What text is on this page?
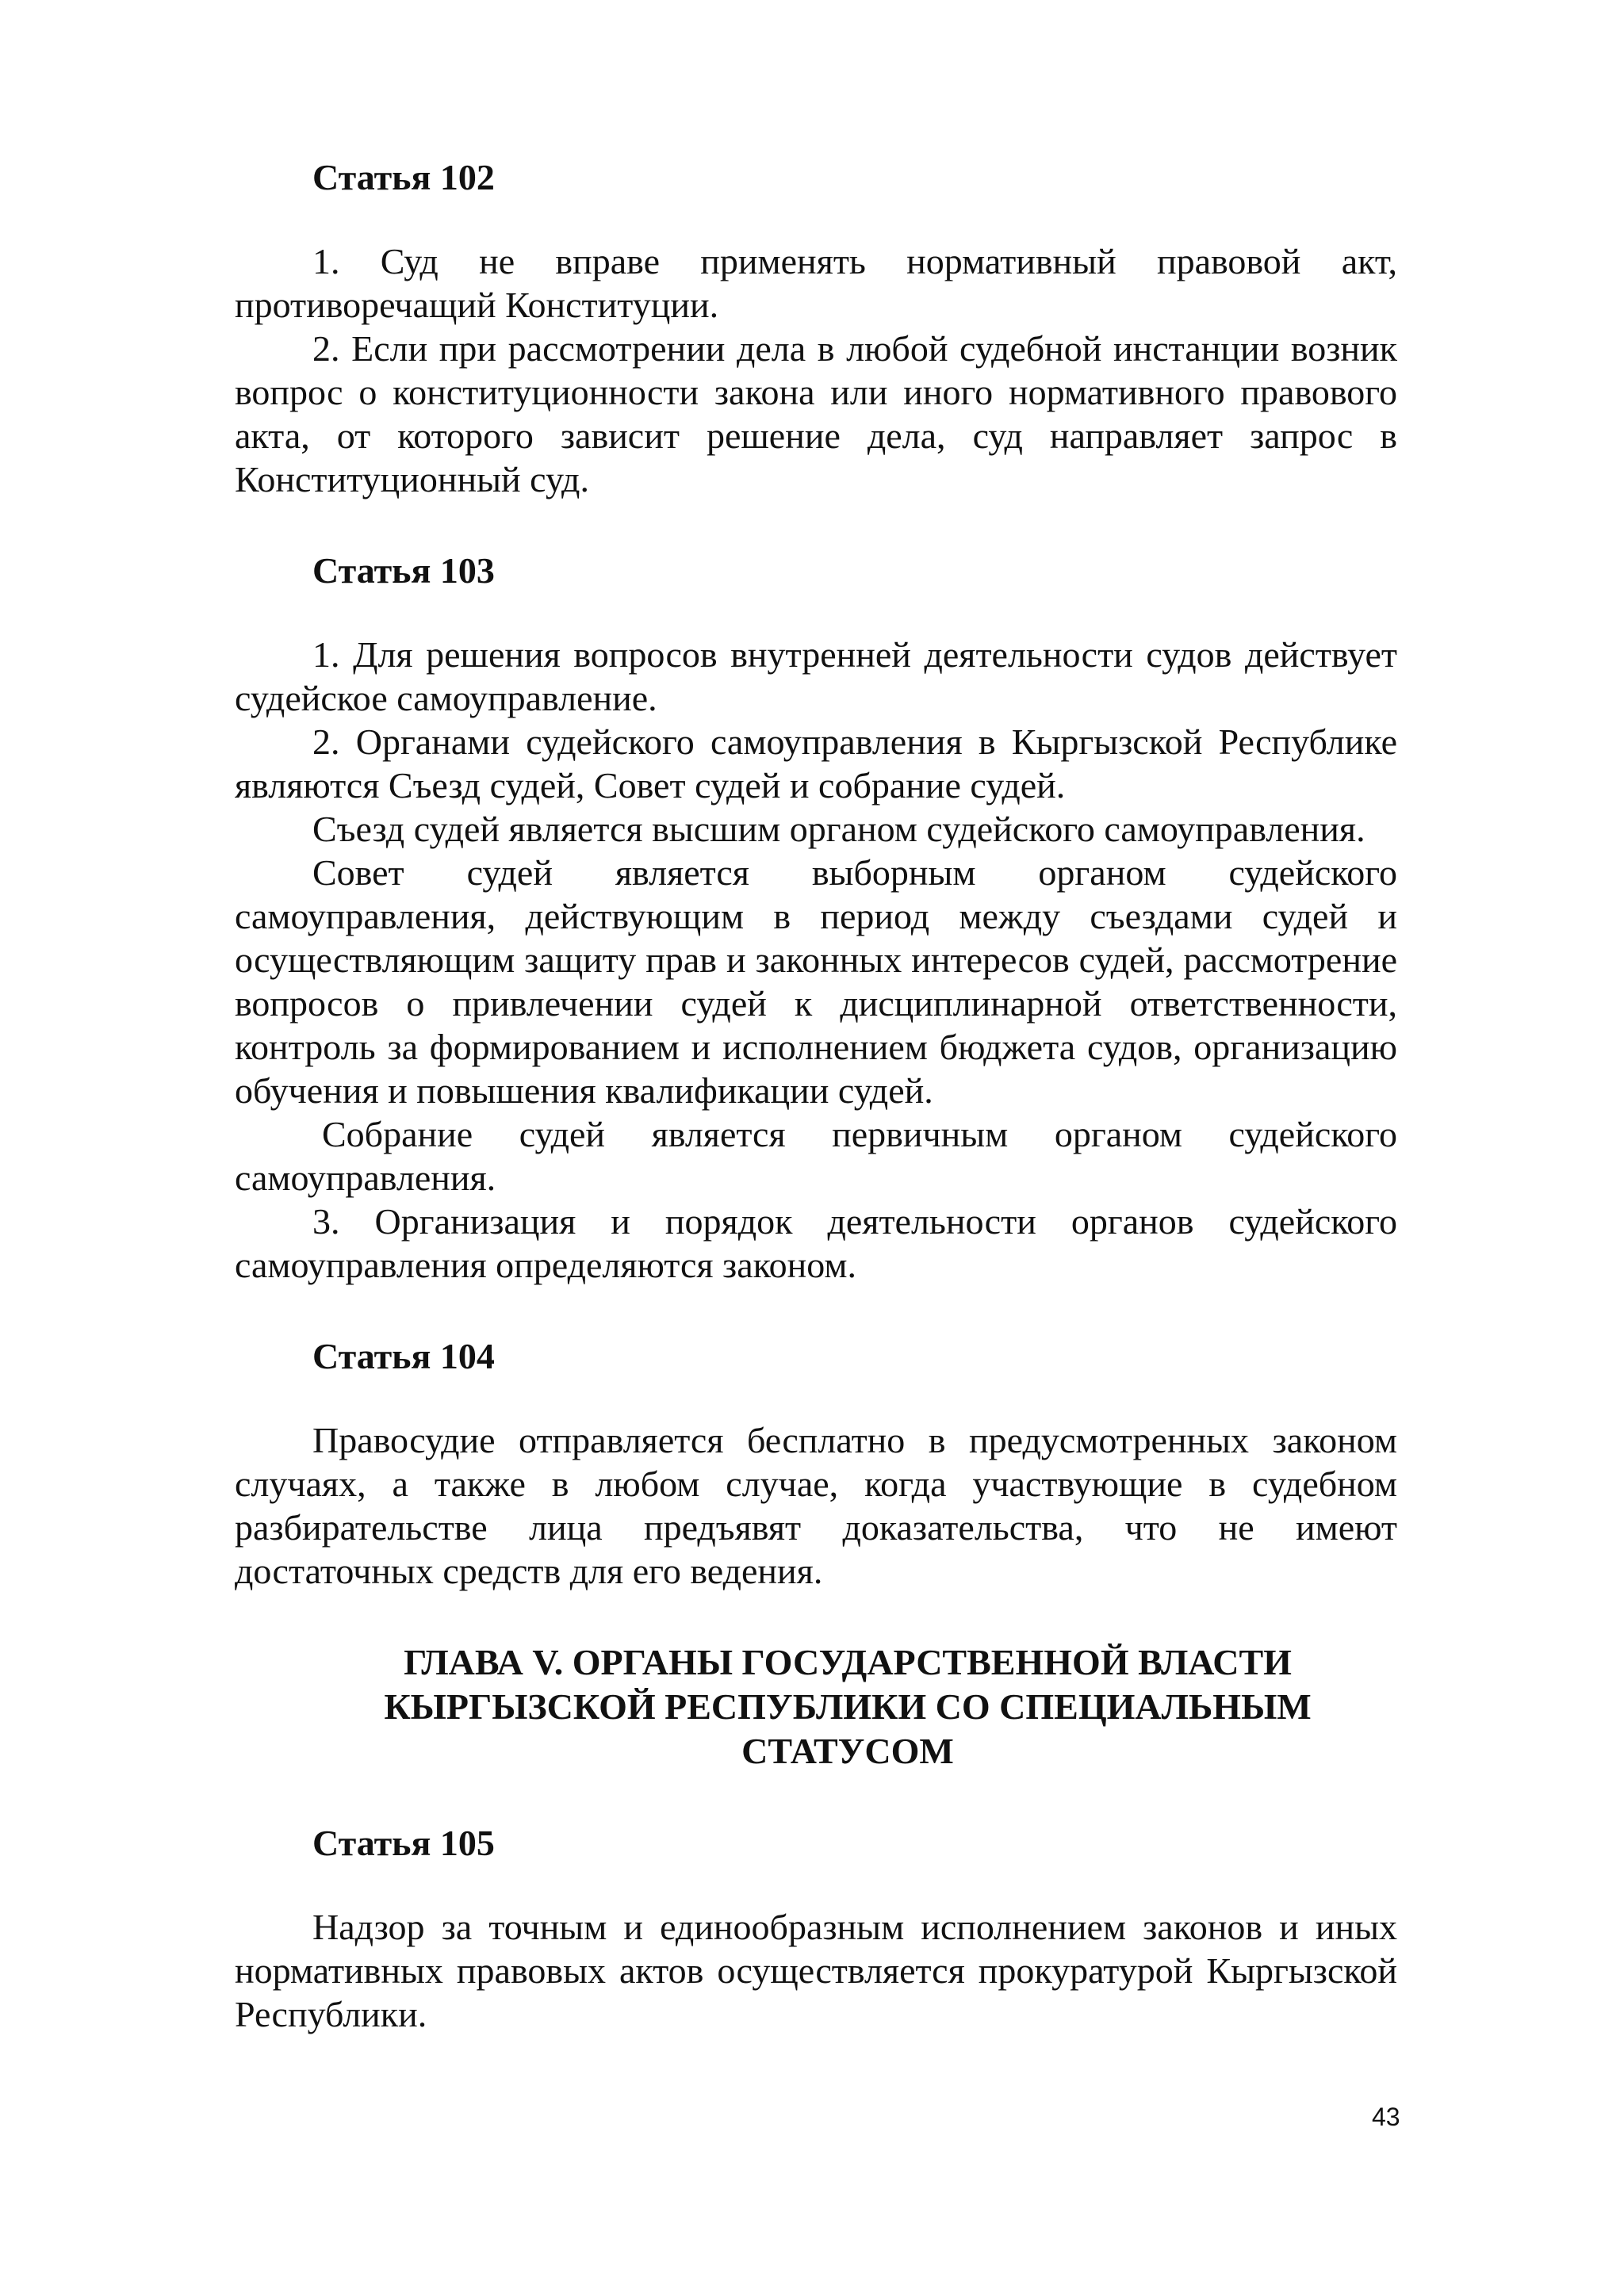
Статья 102

1. Суд не вправе применять нормативный правовой акт, противоречащий Конституции.

2. Если при рассмотрении дела в любой судебной инстанции возник вопрос о конституционности закона или иного нормативного правового акта, от которого зависит решение дела, суд направляет запрос в Конституционный суд.

Статья 103

1. Для решения вопросов внутренней деятельности судов действует судейское самоуправление.

2. Органами судейского самоуправления в Кыргызской Республике являются Съезд судей, Совет судей и собрание судей.

Съезд судей является высшим органом судейского самоуправления.

Совет судей является выборным органом судейского самоуправления, действующим в период между съездами судей и осуществляющим защиту прав и законных интересов судей, рассмотрение вопросов о привлечении судей к дисциплинарной ответственности, контроль за формированием и исполнением бюджета судов, организацию обучения и повышения квалификации судей.

Собрание судей является первичным органом судейского самоуправления.

3. Организация и порядок деятельности органов судейского самоуправления определяются законом.

Статья 104

Правосудие отправляется бесплатно в предусмотренных законом случаях, а также в любом случае, когда участвующие в судебном разбирательстве лица предъявят доказательства, что не имеют достаточных средств для его ведения.

ГЛАВА V. ОРГАНЫ ГОСУДАРСТВЕННОЙ ВЛАСТИ
КЫРГЫЗСКОЙ РЕСПУБЛИКИ СО СПЕЦИАЛЬНЫМ
СТАТУСОМ
Статья 105

Надзор за точным и единообразным исполнением законов и иных нормативных правовых актов осуществляется прокуратурой Кыргызской Республики.

43
